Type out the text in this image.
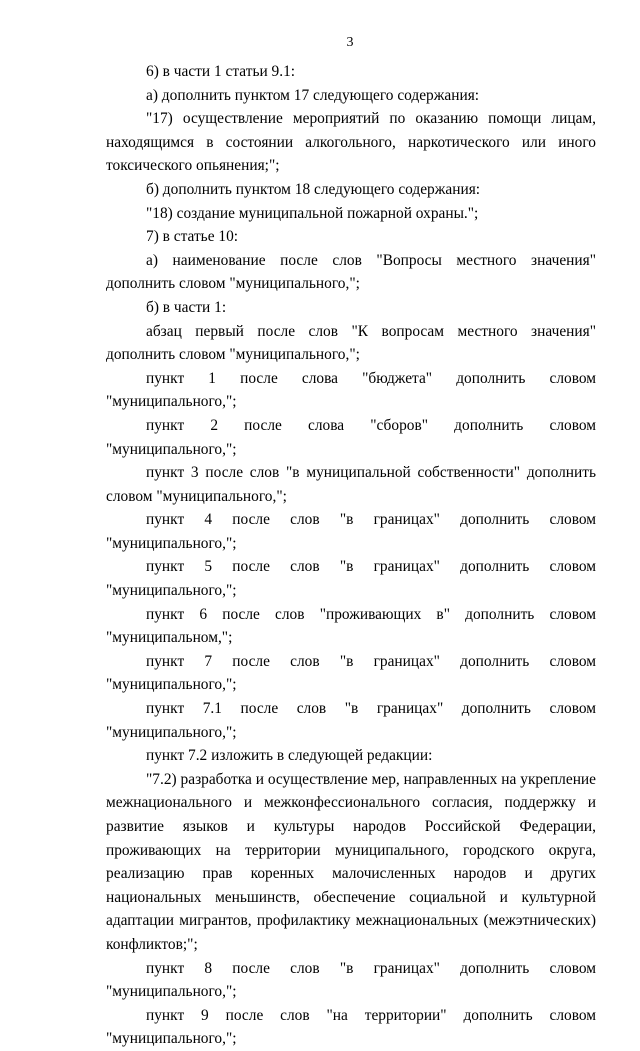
3

6) в части 1 статьи 9.1:

а) дополнить пунктом 17 следующего содержания:

"17) осуществление мероприятий по оказанию помощи лицам, находящимся в состоянии алкогольного, наркотического или иного токсического опьянения;";

б) дополнить пунктом 18 следующего содержания:

"18) создание муниципальной пожарной охраны.";

7) в статье 10:

а) наименование после слов "Вопросы местного значения" дополнить словом "муниципального,";

б) в части 1:

абзац первый после слов "К вопросам местного значения" дополнить словом "муниципального,";

пункт 1 после слова "бюджета" дополнить словом "муниципального,";

пункт 2 после слова "сборов" дополнить словом "муниципального,";

пункт 3 после слов "в муниципальной собственности" дополнить словом "муниципального,";

пункт 4 после слов "в границах" дополнить словом "муниципального,";

пункт 5 после слов "в границах" дополнить словом "муниципального,";

пункт 6 после слов "проживающих в" дополнить словом "муниципальном,";

пункт 7 после слов "в границах" дополнить словом "муниципального,";

пункт 7.1 после слов "в границах" дополнить словом "муниципального,";

пункт 7.2 изложить в следующей редакции:

"7.2) разработка и осуществление мер, направленных на укрепление межнационального и межконфессионального согласия, поддержку и развитие языков и культуры народов Российской Федерации, проживающих на территории муниципального, городского округа, реализацию прав коренных малочисленных народов и других национальных меньшинств, обеспечение социальной и культурной адаптации мигрантов, профилактику межнациональных (межэтнических) конфликтов;";

пункт 8 после слов "в границах" дополнить словом "муниципального,";

пункт 9 после слов "на территории" дополнить словом "муниципального,";
